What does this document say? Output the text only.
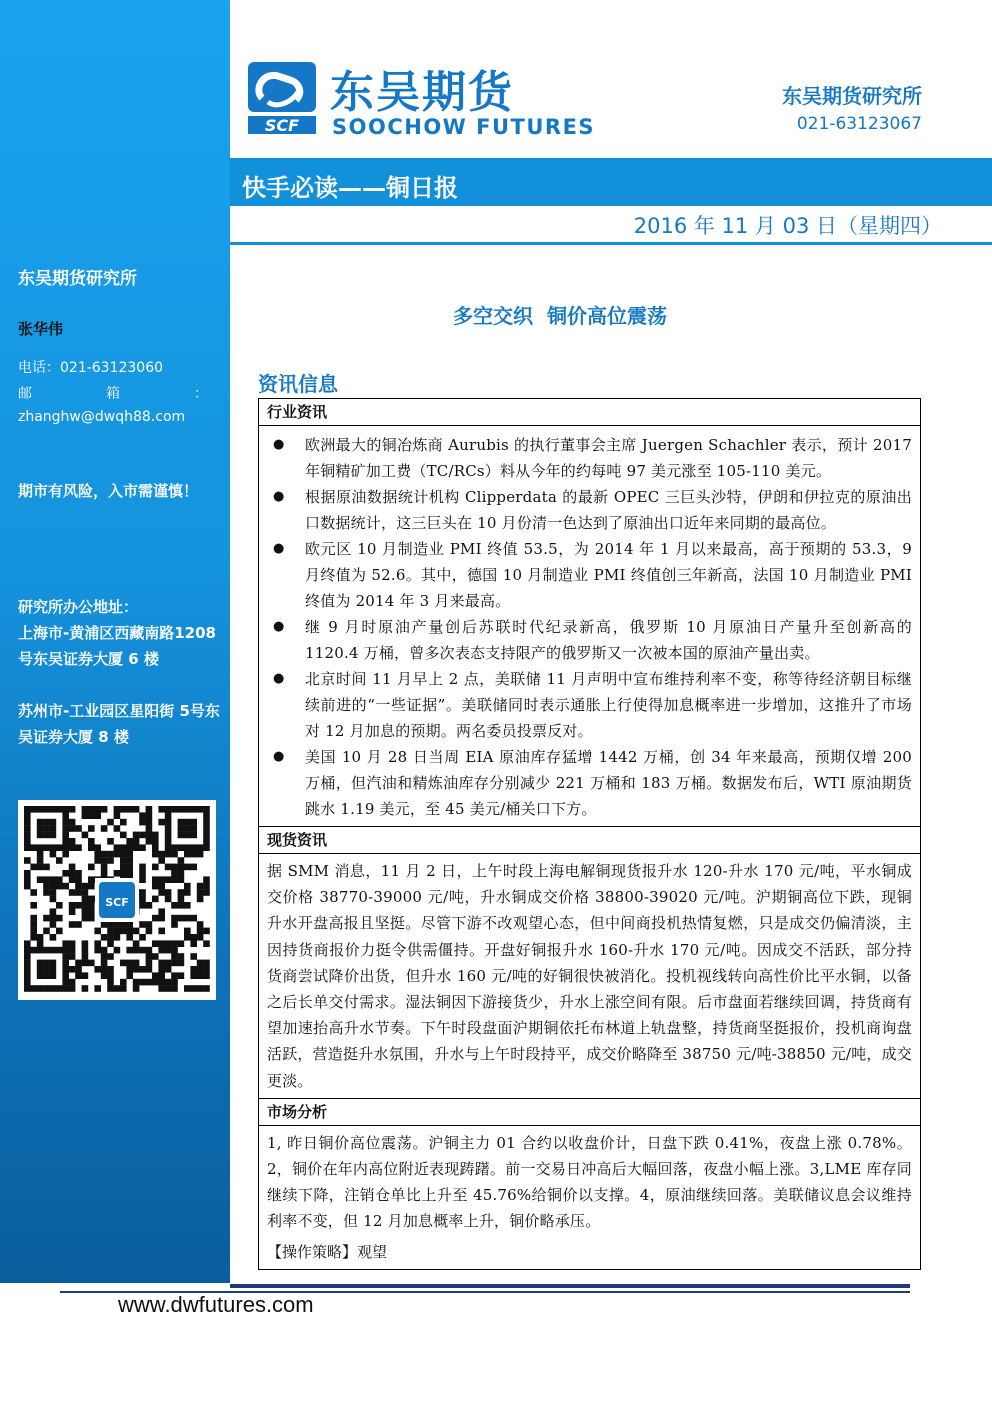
东吴期货研究所
张华伟
电话：021-63123060
邮	箱	：
zhanghw@dwqh88.com
期市有风险，入市需谨慎！
研究所办公地址：
上海市-黄浦区西藏南路1208 号东吴证券大厦 6 楼
苏州市-工业园区星阳街 5号东吴证券大厦 8 楼
SCF
SCF
东吴期货
SOOCHOW FUTURES
东吴期货研究所
021-63123067
快手必读——铜日报
2016 年 11 月 03 日（星期四）
多空交织  铜价高位震荡
资讯信息
行业资讯
● 欧洲最大的铜冶炼商 Aurubis 的执行董事会主席 Juergen Schachler 表示，预计 2017 年铜精矿加工费（TC/RCs）料从今年的约每吨 97 美元涨至 105-110 美元。
● 根据原油数据统计机构 Clipperdata 的最新 OPEC 三巨头沙特，伊朗和伊拉克的原油出口数据统计，这三巨头在 10 月份清一色达到了原油出口近年来同期的最高位。
● 欧元区 10 月制造业 PMI 终值 53.5，为 2014 年 1 月以来最高，高于预期的 53.3，9 月终值为 52.6。其中，德国 10 月制造业 PMI 终值创三年新高，法国 10 月制造业 PMI 终值为 2014 年 3 月来最高。
● 继 9 月时原油产量创后苏联时代纪录新高，俄罗斯 10 月原油日产量升至创新高的 1120.4 万桶，曾多次表态支持限产的俄罗斯又一次被本国的原油产量出卖。
● 北京时间 11 月早上 2 点，美联储 11 月声明中宣布维持利率不变，称等待经济朝目标继续前进的“一些证据”。美联储同时表示通胀上行使得加息概率进一步增加，这推升了市场对 12 月加息的预期。两名委员投票反对。
● 美国 10 月 28 日当周 EIA 原油库存猛增 1442 万桶，创 34 年来最高，预期仅增 200 万桶，但汽油和精炼油库存分别减少 221 万桶和 183 万桶。数据发布后，WTI 原油期货跳水 1.19 美元，至 45 美元/桶关口下方。
现货资讯
据 SMM 消息，11 月 2 日，上午时段上海电解铜现货报升水 120-升水 170 元/吨，平水铜成交价格 38770-39000 元/吨，升水铜成交价格 38800-39020 元/吨。沪期铜高位下跌，现铜升水开盘高报且坚挺。尽管下游不改观望心态，但中间商投机热情复燃，只是成交仍偏清淡，主因持货商报价力挺令供需僵持。开盘好铜报升水 160-升水 170 元/吨。因成交不活跃，部分持货商尝试降价出货，但升水 160 元/吨的好铜很快被消化。投机视线转向高性价比平水铜，以备之后长单交付需求。湿法铜因下游接货少，升水上涨空间有限。后市盘面若继续回调，持货商有望加速抬高升水节奏。下午时段盘面沪期铜依托布林道上轨盘整，持货商坚挺报价，投机商询盘活跃，营造挺升水氛围，升水与上午时段持平，成交价略降至 38750 元/吨-38850 元/吨，成交更淡。
市场分析
1, 昨日铜价高位震荡。沪铜主力 01 合约以收盘价计，日盘下跌 0.41%，夜盘上涨 0.78%。2，铜价在年内高位附近表现踌躇。前一交易日冲高后大幅回落，夜盘小幅上涨。3,LME 库存同继续下降，注销仓单比上升至 45.76%给铜价以支撑。4，原油继续回落。美联储议息会议维持利率不变，但 12 月加息概率上升，铜价略承压。
【操作策略】观望
www.dwfutures.com
